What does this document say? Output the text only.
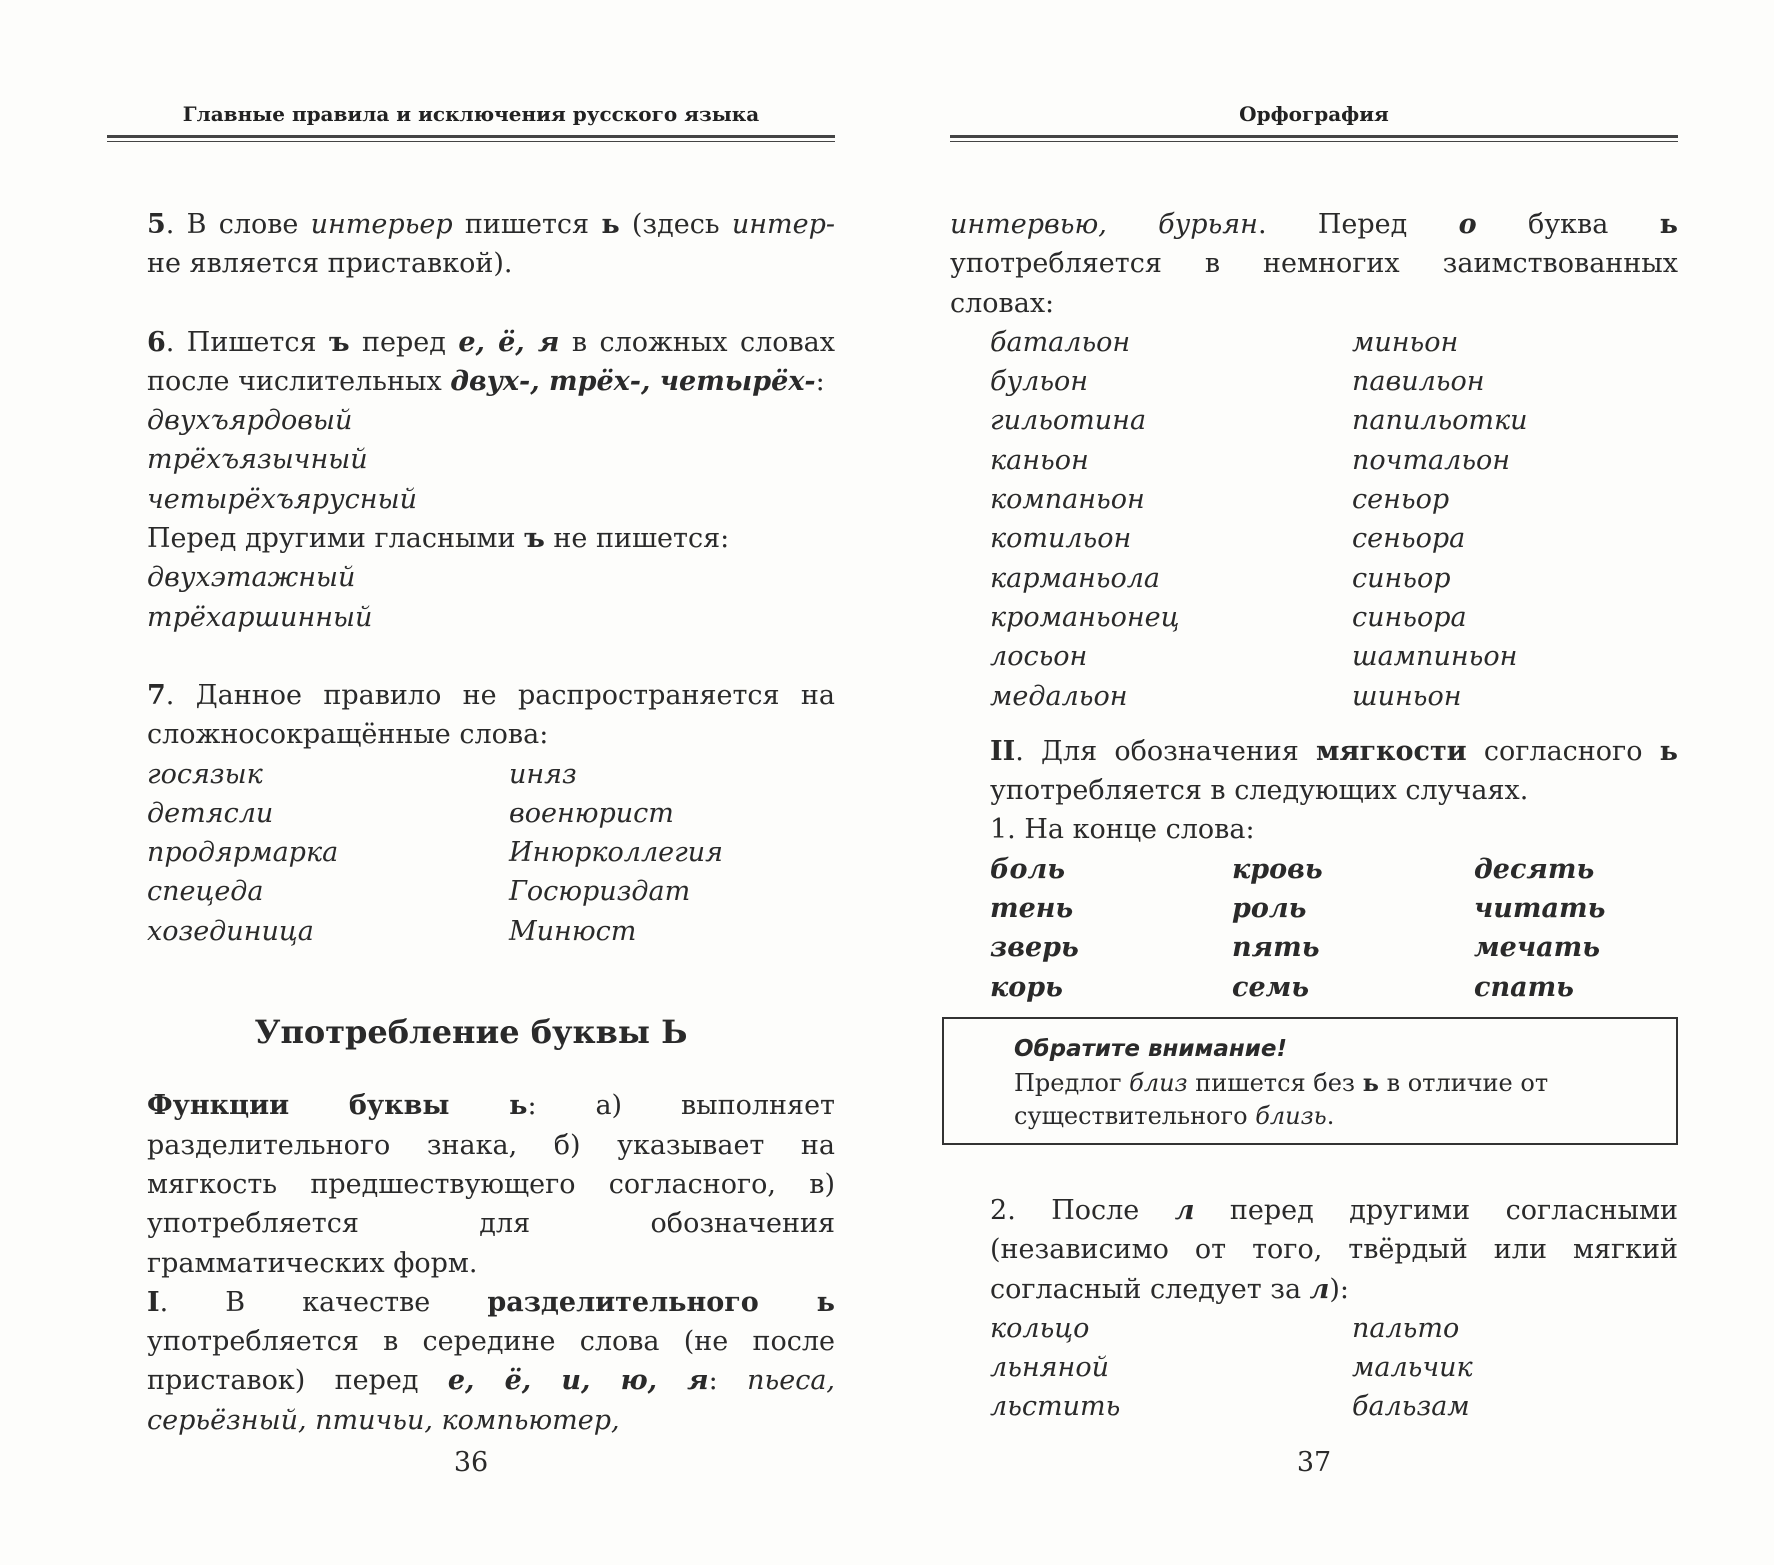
Главные правила и исключения русского языка

5. В слове интерьер пишется ь (здесь интер- не является приставкой).

6. Пишется ъ перед е, ё, я в сложных словах после числительных двух-, трёх-, четырёх-:

двухъярдовый
трёхъязычный
четырёхъярусный
Перед другими гласными ъ не пишется:
двухэтажный
трёхаршинный

7. Данное правило не распространяется на сложносокращённые слова:

госязык	иняз
детясли	военюрист
продярмарка	Инюрколлегия
спецеда	Госюриздат
хозединица	Минюст
Употребление буквы Ь

Функции буквы ь: а) выполняет разделительного знака, б) указывает на мягкость предшествующего согласного, в) употребляется для обозначения грамматических форм.

I. В качестве разделительного ь употребляется в середине слова (не после приставок) перед е, ё, и, ю, я: пьеса, серьёзный, птичьи, компьютер,

36
Орфография

интервью, бурьян. Перед о буква ь употребляется в немногих заимствованных словах:

батальон	миньон
бульон	павильон
гильотина	папильотки
каньон	почтальон
компаньон	сеньор
котильон	сеньора
карманьола	синьор
кроманьонец	синьора
лосьон	шампиньон
медальон	шиньон

II. Для обозначения мягкости согласного ь употребляется в следующих случаях.

1. На конце слова:
боль	кровь	десять
тень	роль	читать
зверь	пять	мечать
корь	семь	спать
Обратите внимание!
Предлог близ пишется без ь в отличие от существительного близь.

2. После л перед другими согласными (независимо от того, твёрдый или мягкий согласный следует за л):

кольцо	пальто
льняной	мальчик
льстить	бальзам
37
